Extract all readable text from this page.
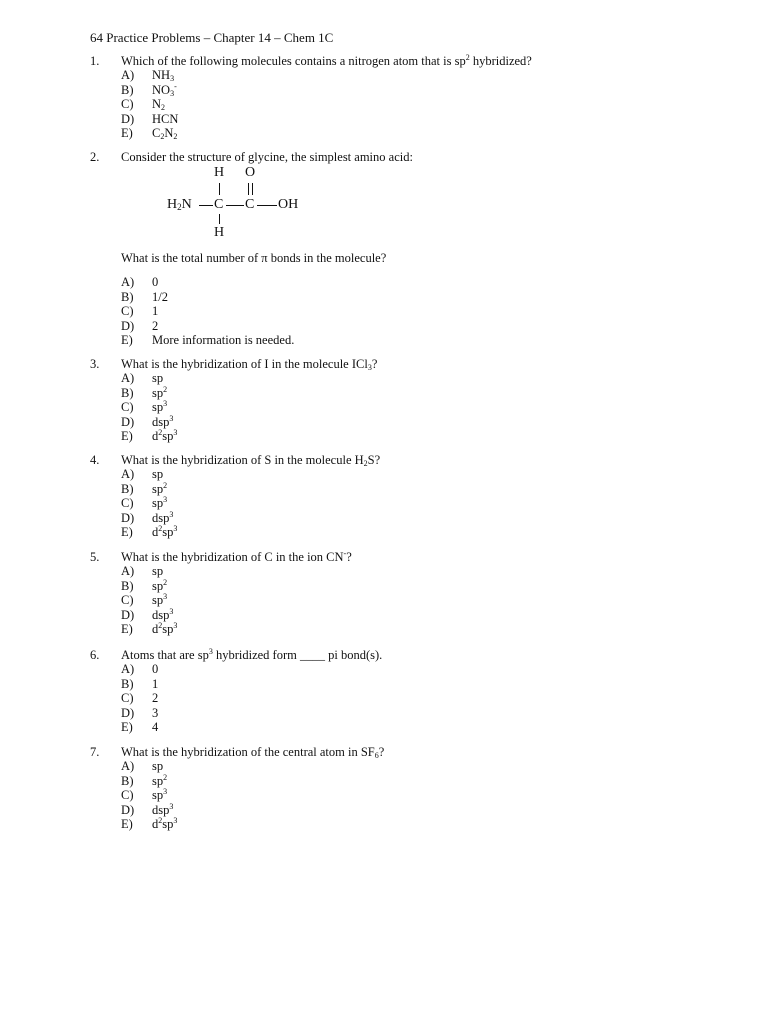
64 Practice Problems – Chapter 14 – Chem 1C
1. Which of the following molecules contains a nitrogen atom that is $sp^2$ hybridized?
A) $NH_3$
B) $NO_3^-$
C) $N_2$
D) HCN
E) $C_2N_2$
2. Consider the structure of glycine, the simplest amino acid:
H O
$H_2N$ C C OH
H
What is the total number of π bonds in the molecule?
A) 0
B) 1/2
C) 1
D) 2
E) More information is needed.
3. What is the hybridization of I in the molecule ICl$_3$?
A) sp
B) $sp^2$
C) $sp^3$
D) dsp$^3$
E) $d^2sp^3$
4. What is the hybridization of S in the molecule $H_2S$?
A) sp
B) $sp^2$
C) $sp^3$
D) dsp$^3$
E) $d^2sp^3$
5. What is the hybridization of C in the ion CN-?
A) sp
B) $sp^2$
C) $sp^3$
D) dsp$^3$
E) $d^2sp^3$
6. Atoms that are $sp^3$ hybridized form ____ pi bond(s).
A) 0
B) 1
C) 2
D) 3
E) 4
7. What is the hybridization of the central atom in $SF_6$?
A) sp
B) $sp^2$
C) $sp^3$
D) dsp$^3$
E) $d^2sp^3$
